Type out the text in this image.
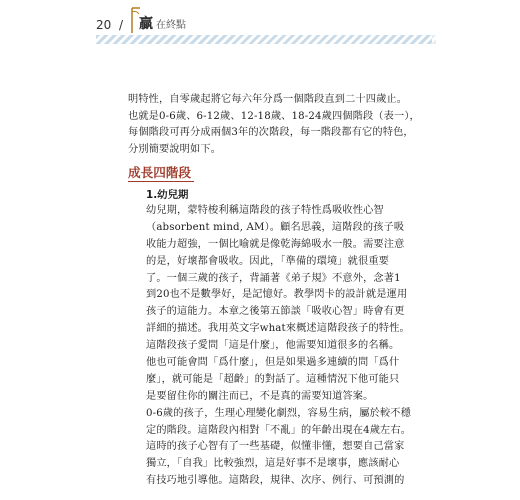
20 / 贏 在終點
明特性，自零歲起將它每六年分爲一個階段直到二十四歲止。
也就是0-6歲、6-12歲、12-18歲、18-24歲四個階段（表一），
每個階段可再分成兩個3年的次階段，每一階段都有它的特色，
分別簡要說明如下。
成長四階段
1.幼兒期
幼兒期，蒙特梭利稱這階段的孩子特性爲吸收性心智
（absorbent mind, AM）。顧名思義，這階段的孩子吸
收能力超強，一個比喻就是像乾海綿吸水一般。需要注意
的是，好壞都會吸收。因此，「準備的環境」就很重要
了。一個三歲的孩子，背誦著《弟子規》不意外，念著1
到20也不是數學好，是記憶好。教學閃卡的設計就是運用
孩子的這能力。本章之後第五節談「吸收心智」時會有更
詳細的描述。我用英文字what來概述這階段孩子的特性。
這階段孩子愛問「這是什麼」，他需要知道很多的名稱。
他也可能會問「爲什麼」，但是如果過多連續的問「爲什
麼」，就可能是「超齡」的對話了。這種情況下他可能只
是要留住你的關注而已，不是真的需要知道答案。
0-6歲的孩子，生理心理變化劇烈，容易生病，屬於較不穩
定的階段。這階段內相對「不亂」的年齡出現在4歲左右。
這時的孩子心智有了一些基礎，似懂非懂，想要自己當家
獨立，「自我」比較強烈，這是好事不是壞事，應該耐心
有技巧地引導他。這階段，規律、次序、例行、可預測的
